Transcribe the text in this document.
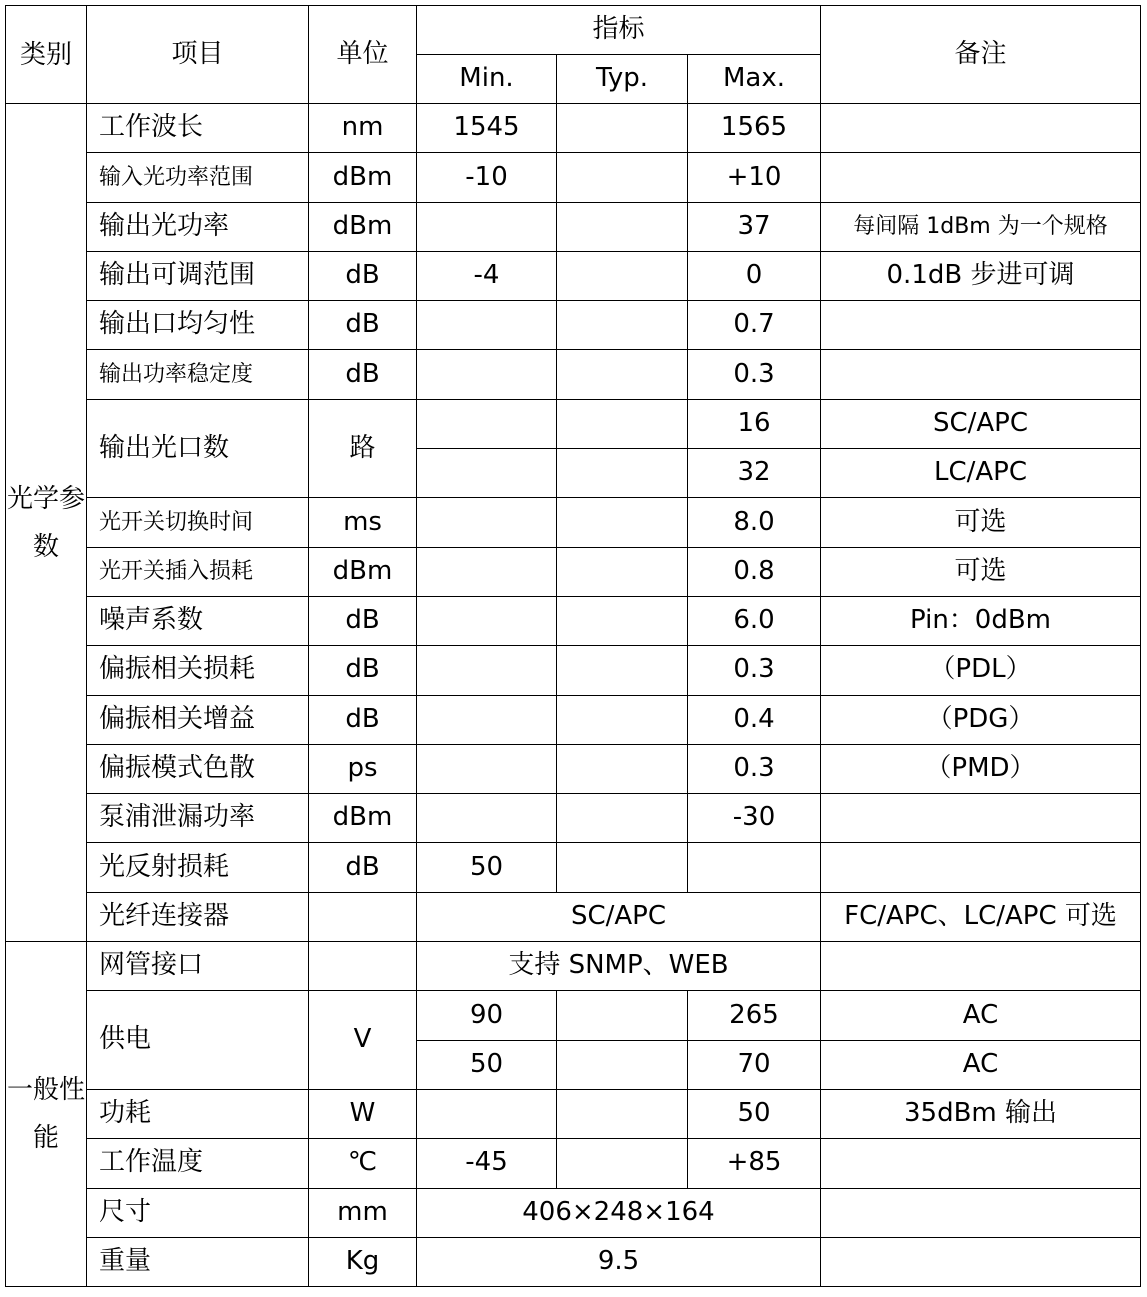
类别	项目	单位	指标			备注
			Min.	Typ.	Max.	
光学参数	工作波长	nm	1545		1565	
	输入光功率范围	dBm	-10		+10	
	输出光功率	dBm			37	每间隔 1dBm 为一个规格
	输出可调范围	dB	-4		0	0.1dB 步进可调
	输出口均匀性	dB			0.7	
	输出功率稳定度	dB			0.3	
	输出光口数	路			16	SC/APC
					32	LC/APC
	光开关切换时间	ms			8.0	可选
	光开关插入损耗	dBm			0.8	可选
	噪声系数	dB			6.0	Pin：0dBm
	偏振相关损耗	dB			0.3	（PDL）
	偏振相关增益	dB			0.4	（PDG）
	偏振模式色散	ps			0.3	（PMD）
	泵浦泄漏功率	dBm			-30	
	光反射损耗	dB	50			
	光纤连接器		SC/APC			FC/APC、LC/APC 可选
一般性能	网管接口		支持 SNMP、WEB			
	供电	V	90		265	AC
			50		70	AC
	功耗	W			50	35dBm 输出
	工作温度	℃	-45		+85	
	尺寸	mm	406×248×164			
	重量	Kg	9.5			
